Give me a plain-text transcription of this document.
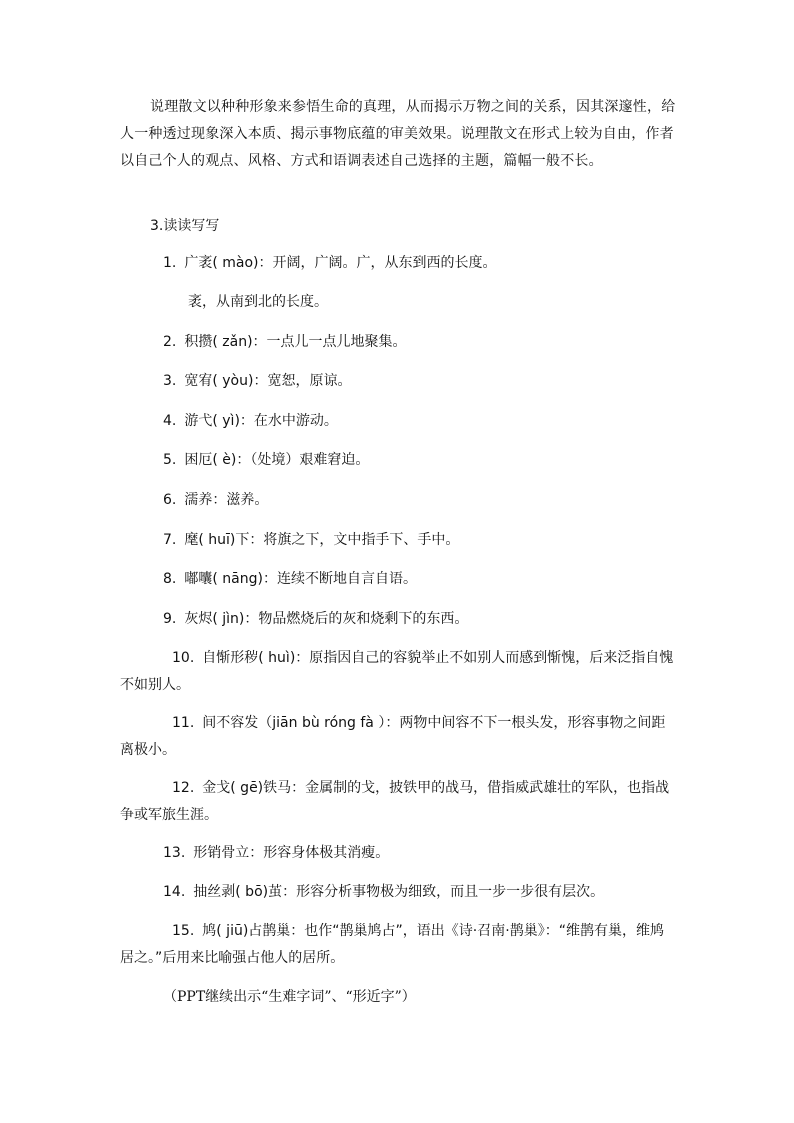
说理散文以种种形象来参悟生命的真理，从而揭示万物之间的关系，因其深邃性，给人一种透过现象深入本质、揭示事物底蕴的审美效果。说理散文在形式上较为自由，作者以自己个人的观点、风格、方式和语调表述自己选择的主题，篇幅一般不长。

3.读读写写

1. 广袤( mào)：开阔，广阔。广，从东到西的长度。

袤，从南到北的长度。

2. 积攒( zǎn)：一点儿一点儿地聚集。

3. 宽宥( yòu)：宽恕，原谅。

4. 游弋( yì)：在水中游动。

5. 困厄( è)：（处境）艰难窘迫。

6. 濡养：滋养。

7. 麾( huī)下：将旗之下，文中指手下、手中。

8. 嘟囔( nāng)：连续不断地自言自语。

9. 灰烬( jìn)：物品燃烧后的灰和烧剩下的东西。

10. 自惭形秽( huì)：原指因自己的容貌举止不如别人而感到惭愧，后来泛指自愧不如别人。

11. 间不容发（jiān bù róng fà ）：两物中间容不下一根头发，形容事物之间距离极小。

12. 金戈( gē)铁马：金属制的戈，披铁甲的战马，借指威武雄壮的军队，也指战争或军旅生涯。

13. 形销骨立：形容身体极其消瘦。

14. 抽丝剥( bō)茧：形容分析事物极为细致，而且一步一步很有层次。

15. 鸠( jiū)占鹊巢：也作“鹊巢鸠占”，语出《诗·召南·鹊巢》：“维鹊有巢，维鸠居之。”后用来比喻强占他人的居所。

（PPT继续出示“生难字词”、“形近字”）
